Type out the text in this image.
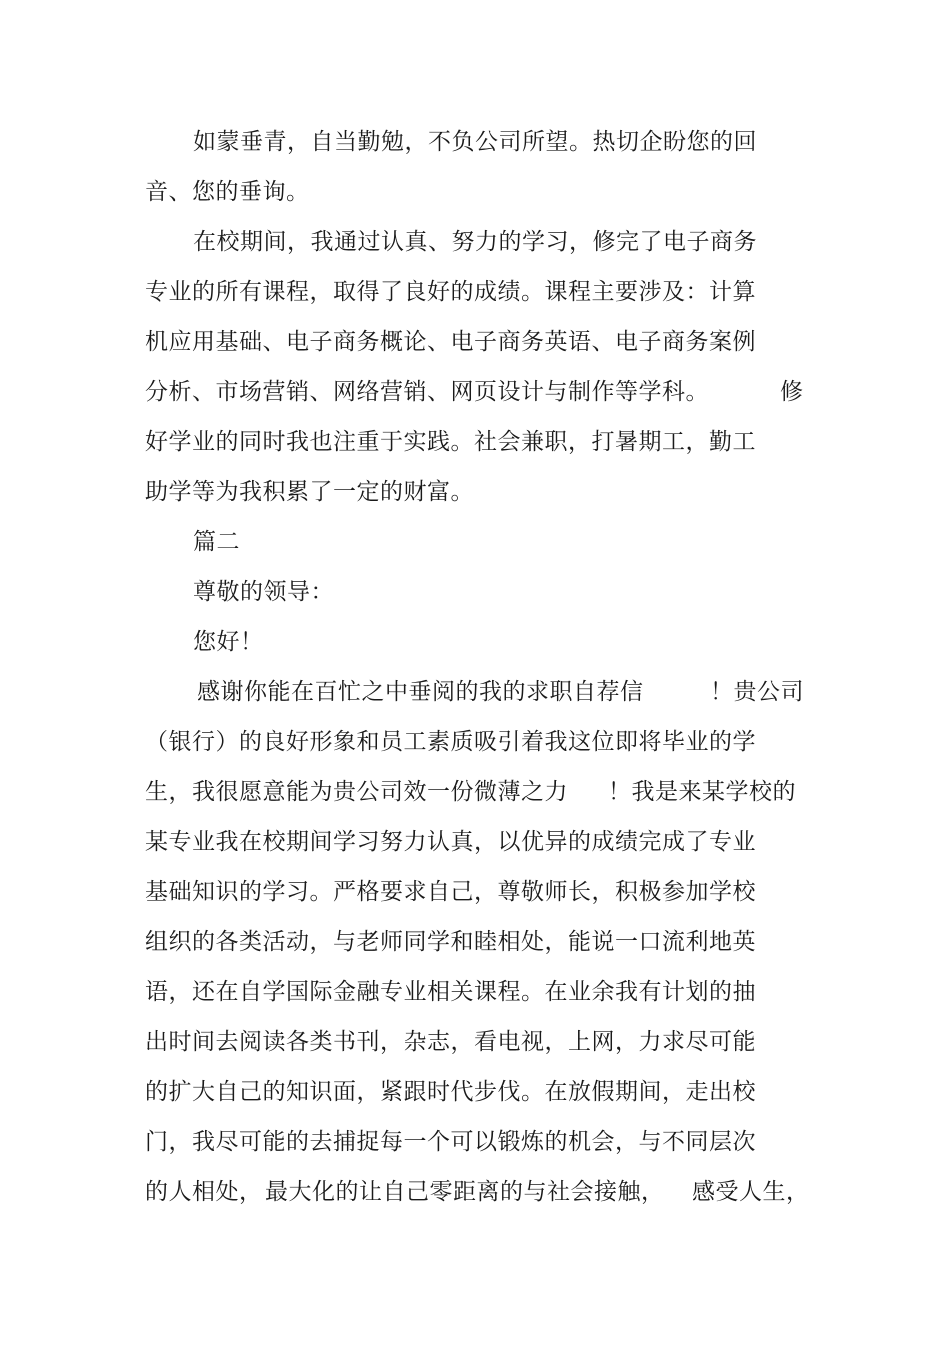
如蒙垂青，自当勤勉，不负公司所望。热切企盼您的回
音、您的垂询。
在校期间，我通过认真、努力的学习，修完了电子商务
专业的所有课程，取得了良好的成绩。课程主要涉及：计算
机应用基础、电子商务概论、电子商务英语、电子商务案例
分析、市场营销、网络营销、网页设计与制作等学科。	修
好学业的同时我也注重于实践。社会兼职，打暑期工，勤工
助学等为我积累了一定的财富。
篇二
尊敬的领导：
您好！
感谢你能在百忙之中垂阅的我的求职自荐信	！贵公司
（银行）的良好形象和员工素质吸引着我这位即将毕业的学
生，我很愿意能为贵公司效一份微薄之力 ！我是来某学校的
某专业我在校期间学习努力认真，以优异的成绩完成了专业
基础知识的学习。严格要求自己，尊敬师长，积极参加学校
组织的各类活动，与老师同学和睦相处，能说一口流利地英
语，还在自学国际金融专业相关课程。在业余我有计划的抽
出时间去阅读各类书刊，杂志，看电视，上网，力求尽可能
的扩大自己的知识面，紧跟时代步伐。在放假期间，走出校
门，我尽可能的去捕捉每一个可以锻炼的机会，与不同层次
的人相处， 最大化的让自己零距离的与社会接触， 感受人生，
